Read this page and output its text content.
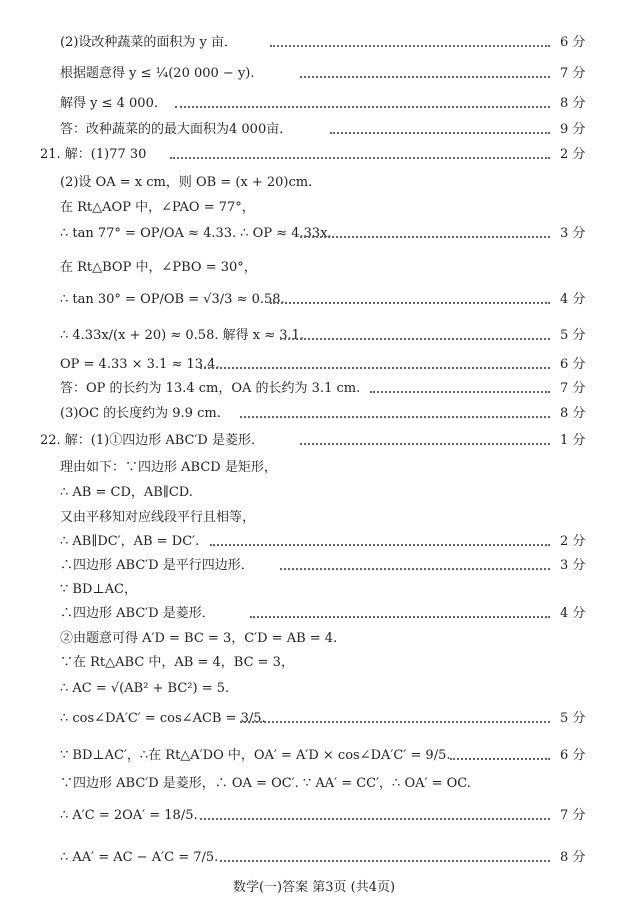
(2)设改种蔬菜的面积为 y 亩．	6 分
根据题意得 y ≤ ¼(20 000 − y).	7 分
解得 y ≤ 4 000.	8 分
答：改种蔬菜的的最大面积为4 000亩．	9 分
21. 解：(1)77 30	2 分
(2)设 OA = x cm，则 OB = (x + 20)cm.
在 Rt△AOP 中，∠PAO = 77°，
∴ tan 77° = OP/OA ≈ 4.33. ∴ OP ≈ 4.33x.	3 分
在 Rt△BOP 中，∠PBO = 30°，
∴ tan 30° = OP/OB = √3/3 ≈ 0.58.	4 分
∴ 4.33x/(x + 20) ≈ 0.58. 解得 x ≈ 3.1.	5 分
OP = 4.33 × 3.1 ≈ 13.4.	6 分
答：OP 的长约为 13.4 cm，OA 的长约为 3.1 cm.	7 分
(3)OC 的长度约为 9.9 cm.	8 分
22. 解：(1)①四边形 ABC′D 是菱形．	1 分
理由如下：∵四边形 ABCD 是矩形，
∴ AB = CD，AB∥CD.
又由平移知对应线段平行且相等，
∴ AB∥DC′，AB = DC′.	2 分
∴四边形 ABC′D 是平行四边形．	3 分
∵ BD⊥AC，
∴四边形 ABC′D 是菱形．	4 分
②由题意可得 A′D = BC = 3，C′D = AB = 4.
∵在 Rt△ABC 中，AB = 4，BC = 3，
∴ AC = √(AB² + BC²) = 5.
∴ cos∠DA′C′ = cos∠ACB = 3/5.	5 分
∵ BD⊥AC′，∴在 Rt△A′DO 中，OA′ = A′D × cos∠DA′C′ = 9/5.	6 分
∵四边形 ABC′D 是菱形，∴ OA = OC′. ∵ AA′ = CC′，∴ OA′ = OC.
∴ A′C = 2OA′ = 18/5.	7 分
∴ AA′ = AC − A′C = 7/5.	8 分
数学(一)答案 第3页 (共4页)
